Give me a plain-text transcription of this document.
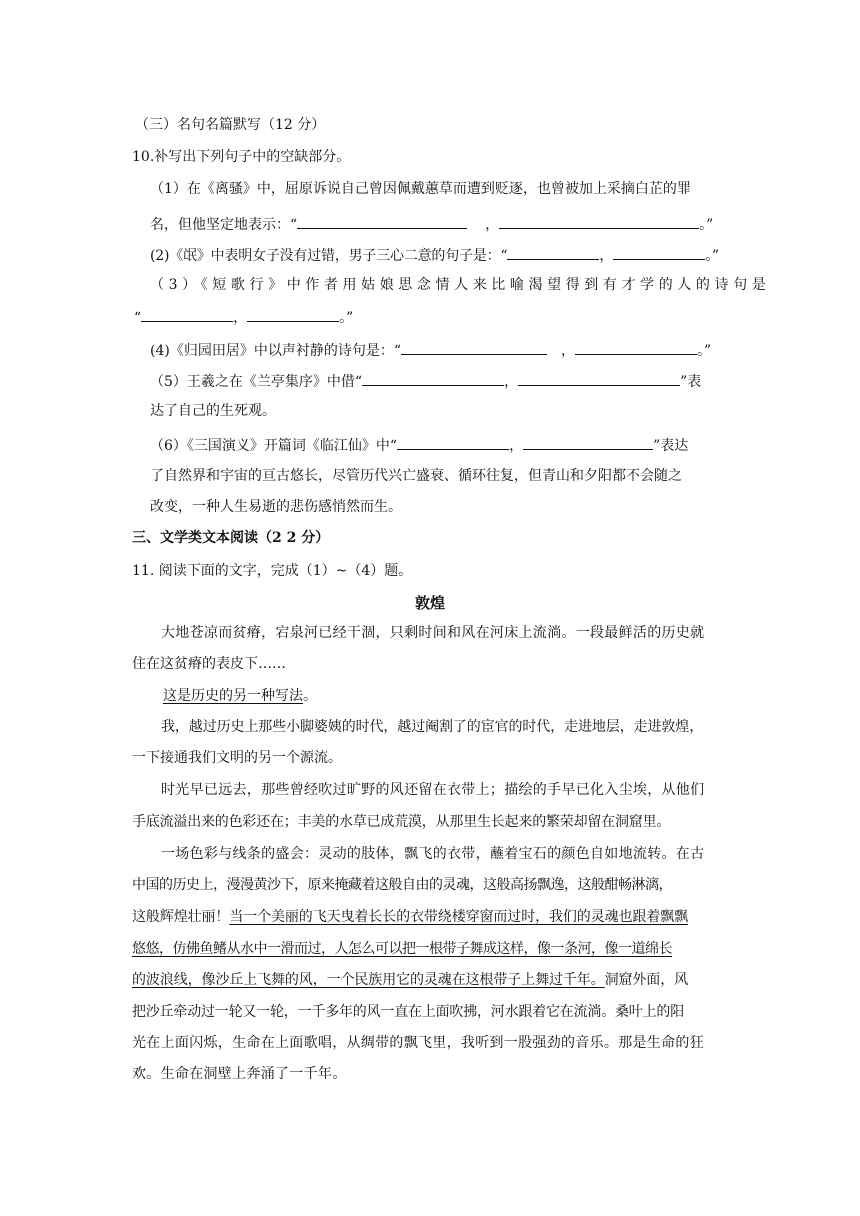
（三）名句名篇默写（12 分）

10.补写出下列句子中的空缺部分。

（1）在《离骚》中，屈原诉说自己曾因佩戴蕙草而遭到贬逐，也曾被加上采摘白芷的罪

名，但他坚定地表示：“	，	。”

(2)《氓》中表明女子没有过错，男子三心二意的句子是：“	，	。”

（3）《短歌行》中作者用姑娘思念情人来比喻渴望得到有才学的人的诗句是

“	，	。”

(4)《归园田居》中以声衬静的诗句是：“	，	。”

（5）王羲之在《兰亭集序》中借“	，	”表

达了自己的生死观。

（6）《三国演义》开篇词《临江仙》中“	，	”表达

了自然界和宇宙的亘古悠长，尽管历代兴亡盛衰、循环往复，但青山和夕阳都不会随之

改变，一种人生易逝的悲伤感悄然而生。

三、文学类文本阅读（2 2 分）

11. 阅读下面的文字，完成（1）~（4）题。

敦煌

大地苍凉而贫瘠，宕泉河已经干涸，只剩时间和风在河床上流淌。一段最鲜活的历史就

住在这贫瘠的表皮下……

这是历史的另一种写法。

我，越过历史上那些小脚婆姨的时代，越过阉割了的宦官的时代，走进地层，走进敦煌，

一下接通我们文明的另一个源流。

时光早已远去，那些曾经吹过旷野的风还留在衣带上；描绘的手早已化入尘埃，从他们

手底流溢出来的色彩还在；丰美的水草已成荒漠，从那里生长起来的繁荣却留在洞窟里。

一场色彩与线条的盛会：灵动的肢体，飘飞的衣带，蘸着宝石的颜色自如地流转。在古

中国的历史上，漫漫黄沙下，原来掩藏着这般自由的灵魂，这般高扬飘逸，这般酣畅淋漓，

这般辉煌壮丽！当一个美丽的飞天曳着长长的衣带绕楼穿窗而过时，我们的灵魂也跟着飘飘

悠悠，仿佛鱼鳍从水中一滑而过，人怎么可以把一根带子舞成这样，像一条河，像一道绵长

的波浪线，像沙丘上飞舞的风，一个民族用它的灵魂在这根带子上舞过千年。洞窟外面，风

把沙丘牵动过一轮又一轮，一千多年的风一直在上面吹拂，河水跟着它在流淌。桑叶上的阳

光在上面闪烁，生命在上面歌唱，从绸带的飘飞里，我听到一股强劲的音乐。那是生命的狂

欢。生命在洞壁上奔涌了一千年。
